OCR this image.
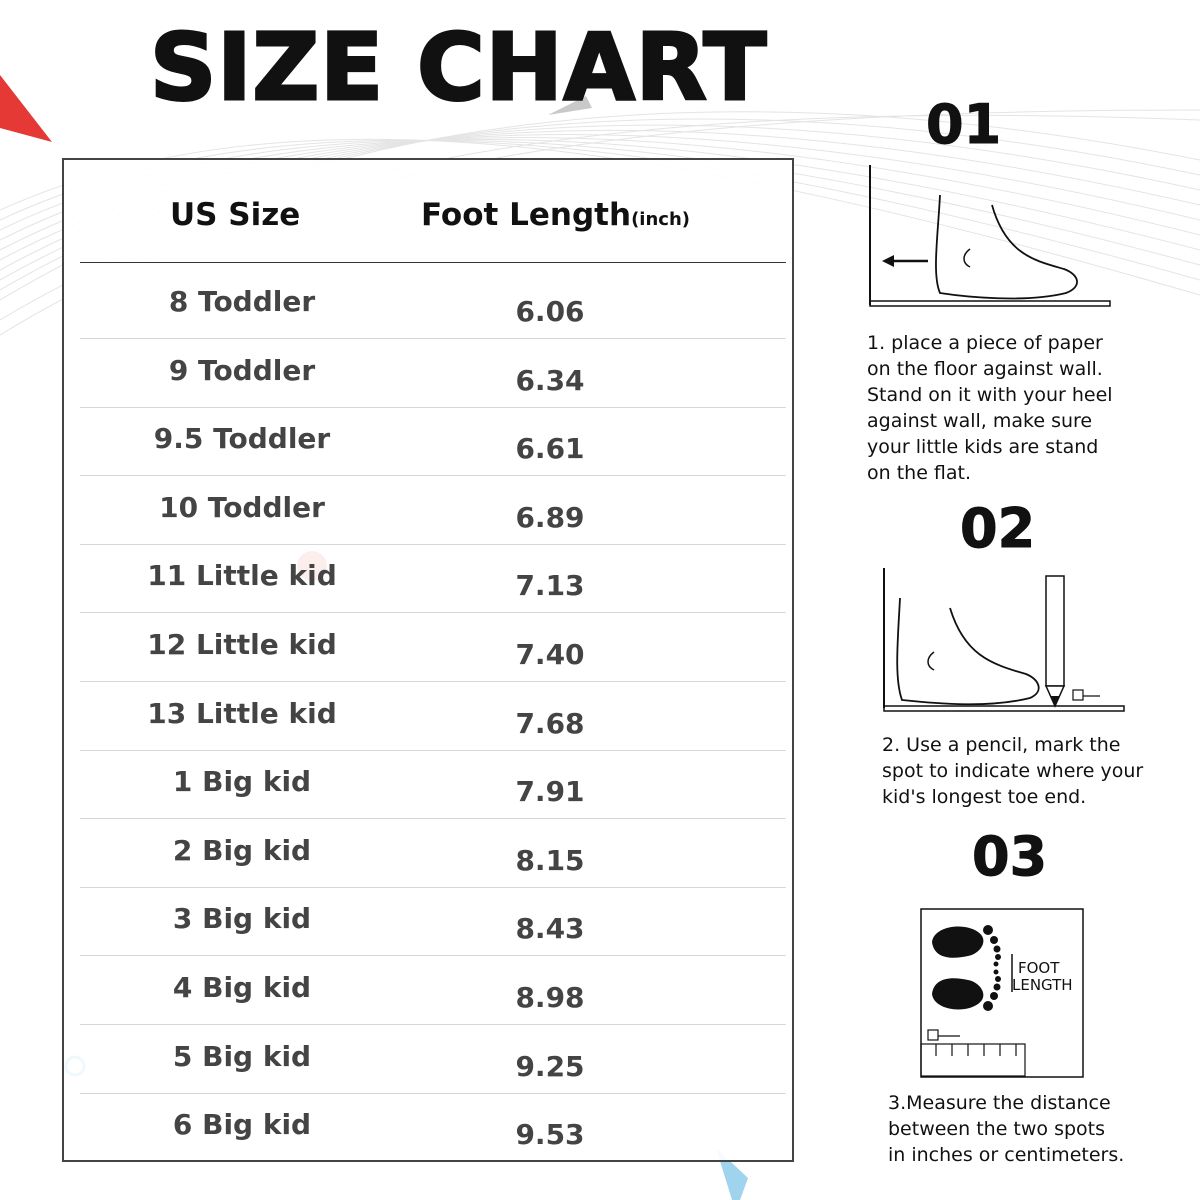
SIZE CHART
US Size	Foot Length(inch)
8 Toddler	6.06
9 Toddler	6.34
9.5 Toddler	6.61
10 Toddler	6.89
11 Little kid	7.13
12 Little kid	7.40
13 Little kid	7.68
1 Big kid	7.91
2 Big kid	8.15
3 Big kid	8.43
4 Big kid	8.98
5 Big kid	9.25
6 Big kid	9.53
01
1. place a piece of paper
on the floor against wall.
Stand on it with your heel
against wall, make sure
your little kids are stand
on the flat.
02
2. Use a pencil, mark the
spot to indicate where your
kid's longest toe end.
03
FOOT
LENGTH
3.Measure the distance
between the two spots
in inches or centimeters.
